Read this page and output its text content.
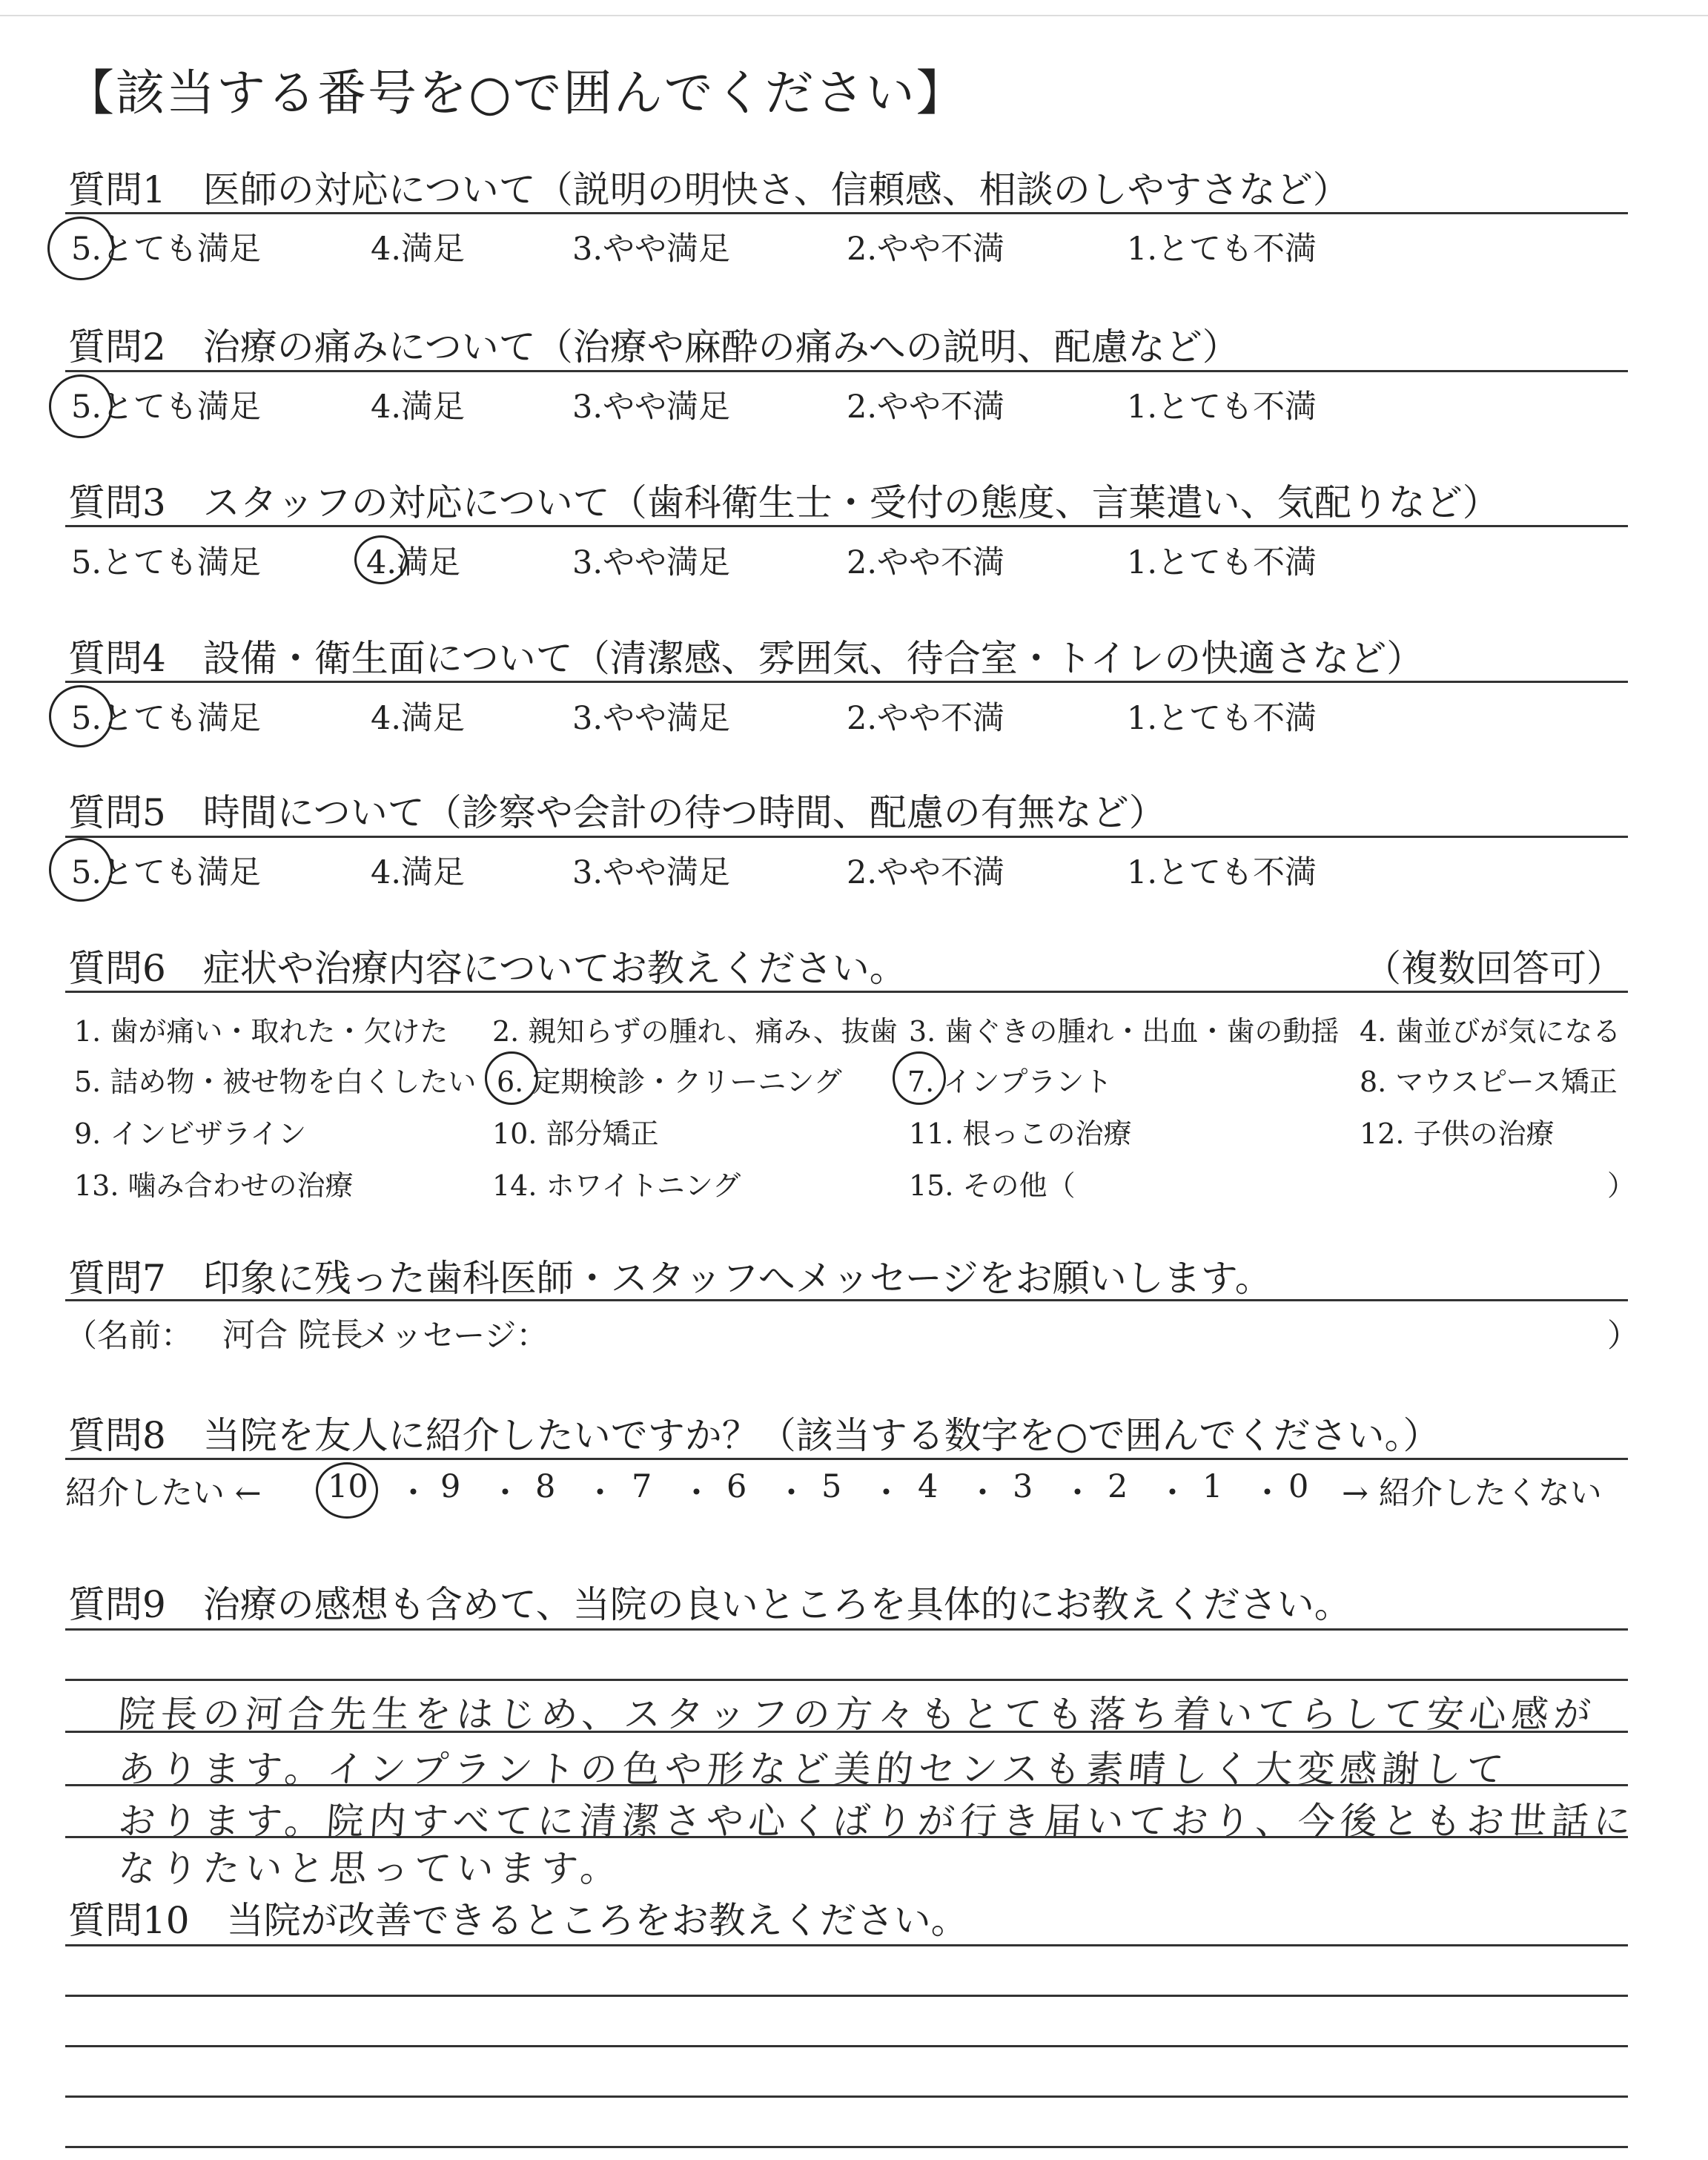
【該当する番号を○で囲んでください】
質問1　医師の対応について（説明の明快さ、信頼感、相談のしやすさなど）
5.とても満足	4.満足	3.やや満足	2.やや不満	1.とても不満
質問2　治療の痛みについて（治療や麻酔の痛みへの説明、配慮など）
5.とても満足	4.満足	3.やや満足	2.やや不満	1.とても不満
質問3　スタッフの対応について（歯科衛生士・受付の態度、言葉遣い、気配りなど）
5.とても満足	4.満足	3.やや満足	2.やや不満	1.とても不満
質問4　設備・衛生面について（清潔感、雰囲気、待合室・トイレの快適さなど）
5.とても満足	4.満足	3.やや満足	2.やや不満	1.とても不満
質問5　時間について（診察や会計の待つ時間、配慮の有無など）
5.とても満足	4.満足	3.やや満足	2.やや不満	1.とても不満
質問6　症状や治療内容についてお教えください。	（複数回答可）
1. 歯が痛い・取れた・欠けた 2. 親知らずの腫れ、痛み、抜歯 3. 歯ぐきの腫れ・出血・歯の動揺 4. 歯並びが気になる
5. 詰め物・被せ物を白くしたい 6. 定期検診・クリーニング 7. インプラント	8. マウスピース矯正
9. インビザライン	10. 部分矯正	11. 根っこの治療	12. 子供の治療
13. 噛み合わせの治療	14. ホワイトニング	15. その他（	）
質問7　印象に残った歯科医師・スタッフへメッセージをお願いします。
（名前： 河合 院長
メッセージ：	）
質問8　当院を友人に紹介したいですか？（該当する数字を○で囲んでください。）
紹介したい ←	→ 紹介したくない
10 ・ 9 ・ 8 ・ 7 ・ 6 ・ 5 ・ 4 ・ 3 ・ 2 ・ 1 ・ 0
質問9　治療の感想も含めて、当院の良いところを具体的にお教えください。
院長の河合先生をはじめ、スタッフの方々もとても落ち着いてらして安心感が
あります。インプラントの色や形など美的センスも素晴しく大変感謝して
おります。院内すべてに清潔さや心くばりが行き届いており、今後ともお世話に
なりたいと思っています。
質問10　当院が改善できるところをお教えください。
